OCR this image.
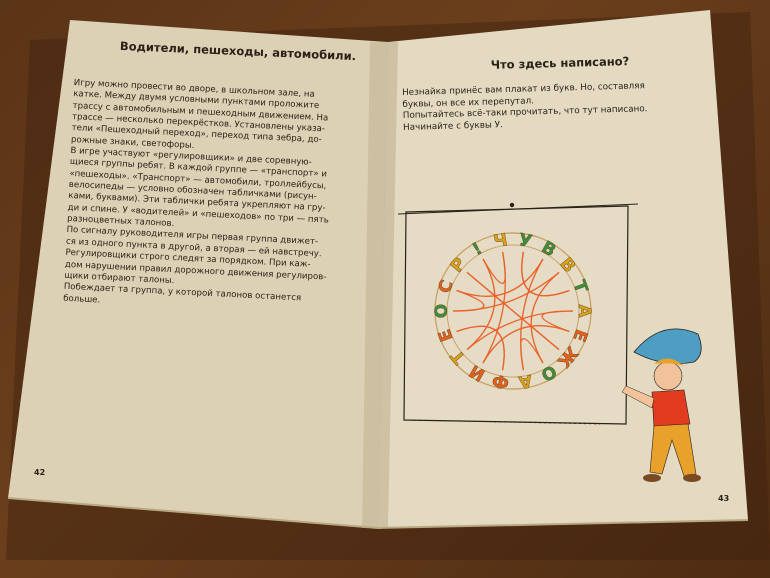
У В
В
Т
А
Е
Ж
О
А
Ф
И
Т
Е
О
С
Р
! Ч
Водители, пешеходы, автомобили.
Игру можно провести во дворе, в школьном зале, на
катке. Между двумя условными пунктами проложите
трассу с автомобильным и пешеходным движением. На
трассе — несколько перекрёстков. Установлены указа-
тели «Пешеходный переход», переход типа зебра, до-
рожные знаки, светофоры.
В игре участвуют «регулировщики» и две соревную-
щиеся группы ребят. В каждой группе — «транспорт» и
«пешеходы». «Транспорт» — автомобили, троллейбусы,
велосипеды — условно обозначен табличками (рисун-
ками, буквами). Эти таблички ребята укрепляют на гру-
ди и спине. У «водителей» и «пешеходов» по три — пять
разноцветных талонов.
По сигналу руководителя игры первая группа движет-
ся из одного пункта в другой, а вторая — ей навстречу.
Регулировщики строго следят за порядком. При каж-
дом нарушении правил дорожного движения регулиров-
щики отбирают талоны.
Побеждает та группа, у которой талонов останется
больше.
Что здесь написано?
Незнайка принёс вам плакат из букв. Но, составляя
буквы, он все их перепутал.
Попытайтесь всё-таки прочитать, что тут написано.
Начинайте с буквы У.
42
43
